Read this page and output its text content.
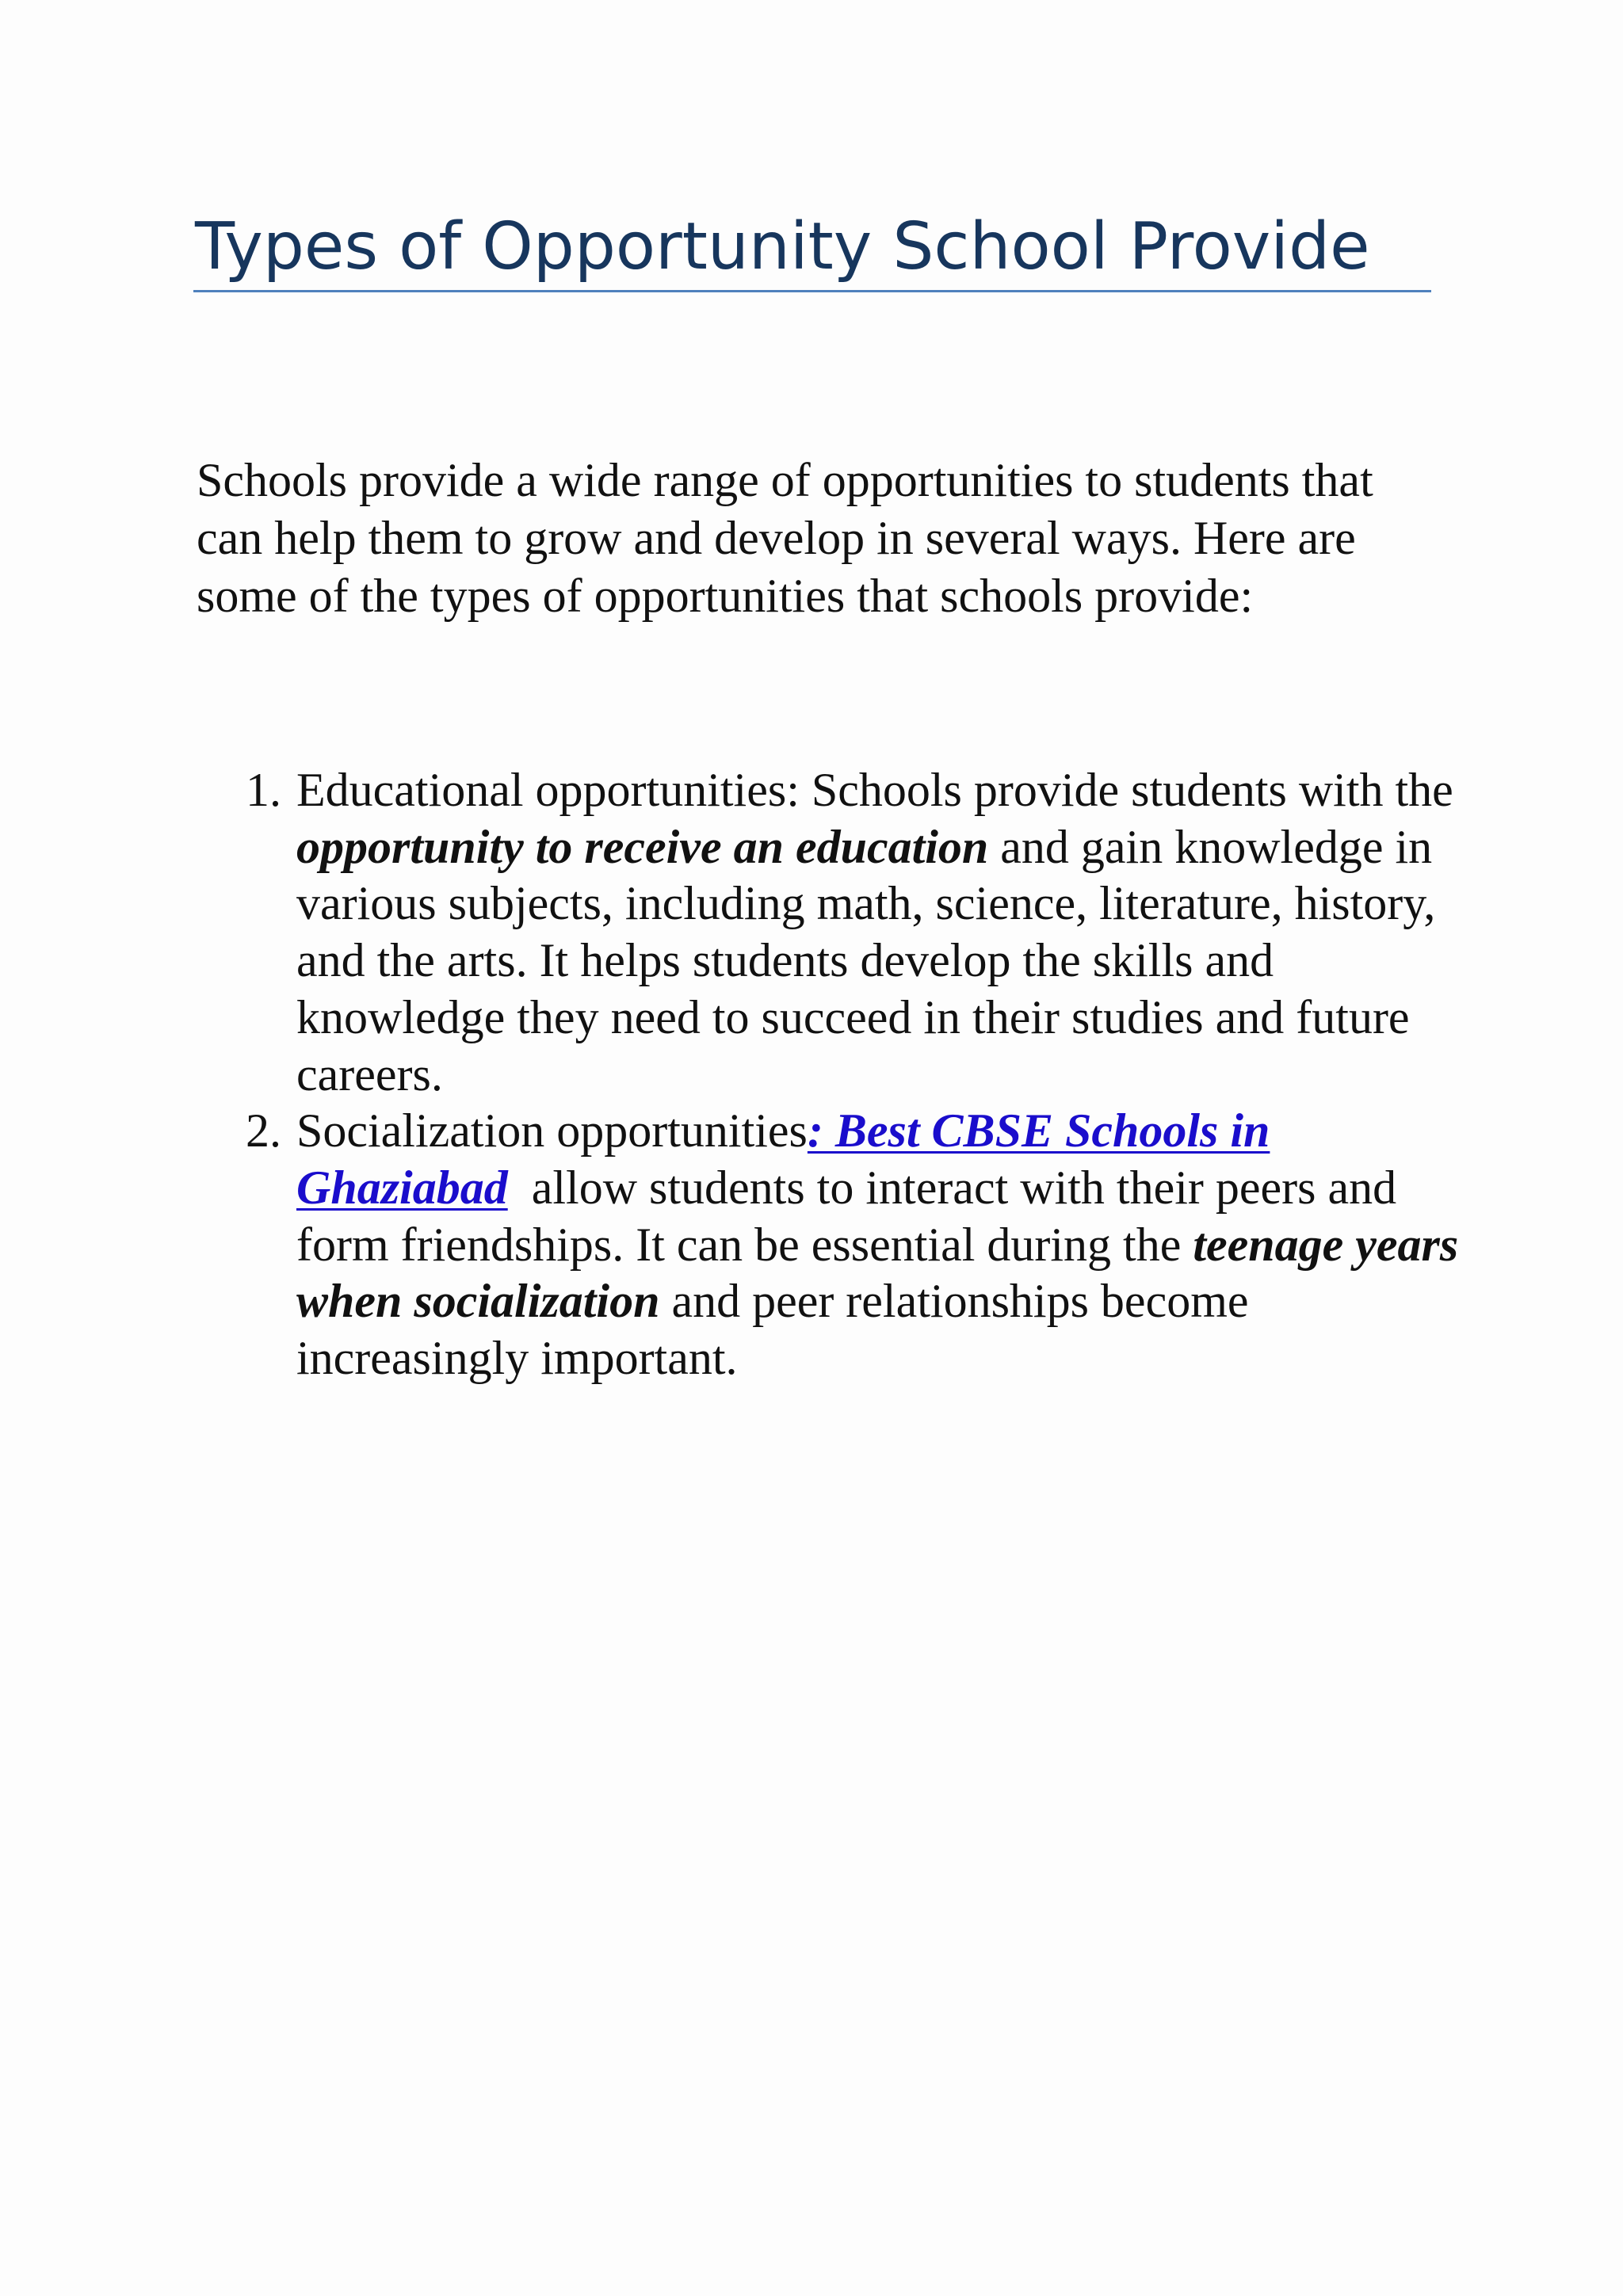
Types of Opportunity School Provide

Schools provide a wide range of opportunities to students that can help them to grow and develop in several ways. Here are some of the types of opportunities that schools provide:

1. Educational opportunities: Schools provide students with the opportunity to receive an education and gain knowledge in various subjects, including math, science, literature, history, and the arts. It helps students develop the skills and knowledge they need to succeed in their studies and future careers.
2. Socialization opportunities: Best CBSE Schools in Ghaziabad  allow students to interact with their peers and form friendships. It can be essential during the teenage years when socialization and peer relationships become increasingly important.
